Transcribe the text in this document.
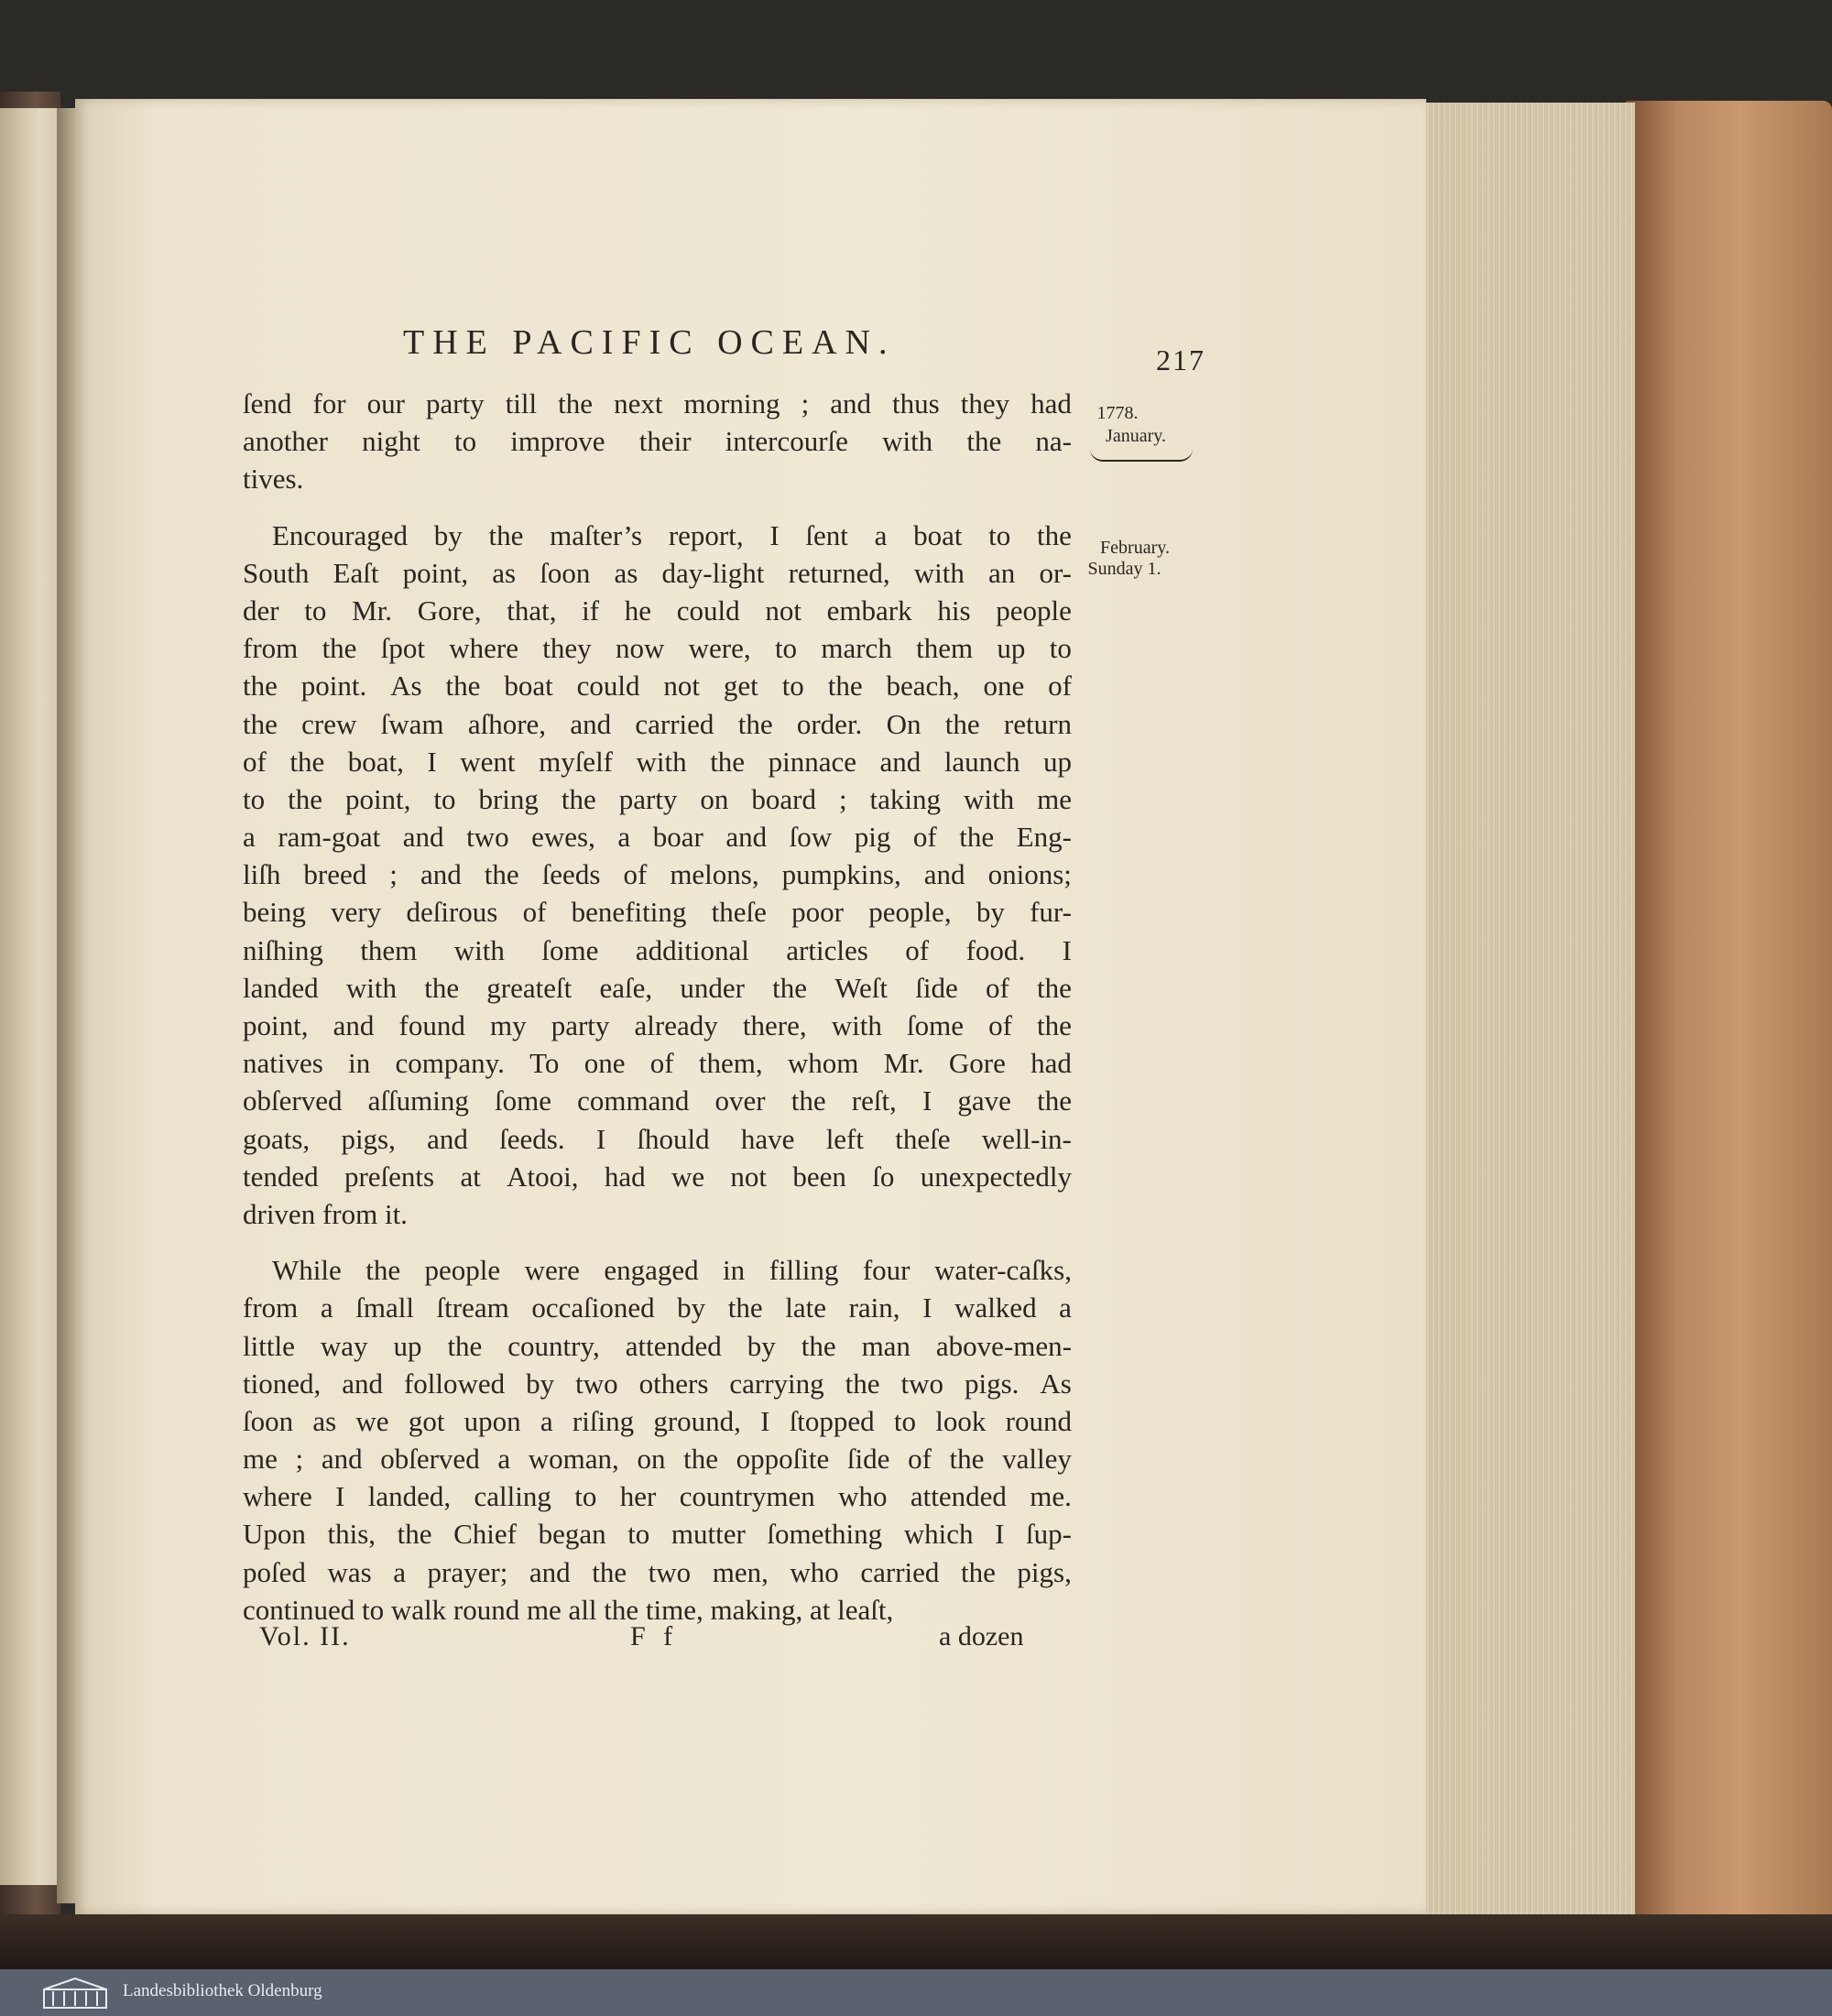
THE PACIFIC OCEAN.	217
1778.
January.
February.
Sunday 1.
ſend for our party till the next morning ; and thus they had
another night to improve their intercourſe with the na-
tives.
Encouraged by the maſter’s report, I ſent a boat to the
South Eaſt point, as ſoon as day-light returned, with an or-
der to Mr. Gore, that, if he could not embark his people
from the ſpot where they now were, to march them up to
the point. As the boat could not get to the beach, one of
the crew ſwam aſhore, and carried the order. On the return
of the boat, I went myſelf with the pinnace and launch up
to the point, to bring the party on board ; taking with me
a ram-goat and two ewes, a boar and ſow pig of the Eng-
liſh breed ; and the ſeeds of melons, pumpkins, and onions;
being very deſirous of benefiting theſe poor people, by fur-
niſhing them with ſome additional articles of food. I
landed with the greateſt eaſe, under the Weſt ſide of the
point, and found my party already there, with ſome of the
natives in company. To one of them, whom Mr. Gore had
obſerved aſſuming ſome command over the reſt, I gave the
goats, pigs, and ſeeds. I ſhould have left theſe well-in-
tended preſents at Atooi, had we not been ſo unexpectedly
driven from it.
While the people were engaged in filling four water-caſks,
from a ſmall ſtream occaſioned by the late rain, I walked a
little way up the country, attended by the man above-men-
tioned, and followed by two others carrying the two pigs. As
ſoon as we got upon a riſing ground, I ſtopped to look round
me ; and obſerved a woman, on the oppoſite ſide of the valley
where I landed, calling to her countrymen who attended me.
Upon this, the Chief began to mutter ſomething which I ſup-
poſed was a prayer; and the two men, who carried the pigs,
continued to walk round me all the time, making, at leaſt,
Vol. II.	F f	a dozen
Landesbibliothek Oldenburg
